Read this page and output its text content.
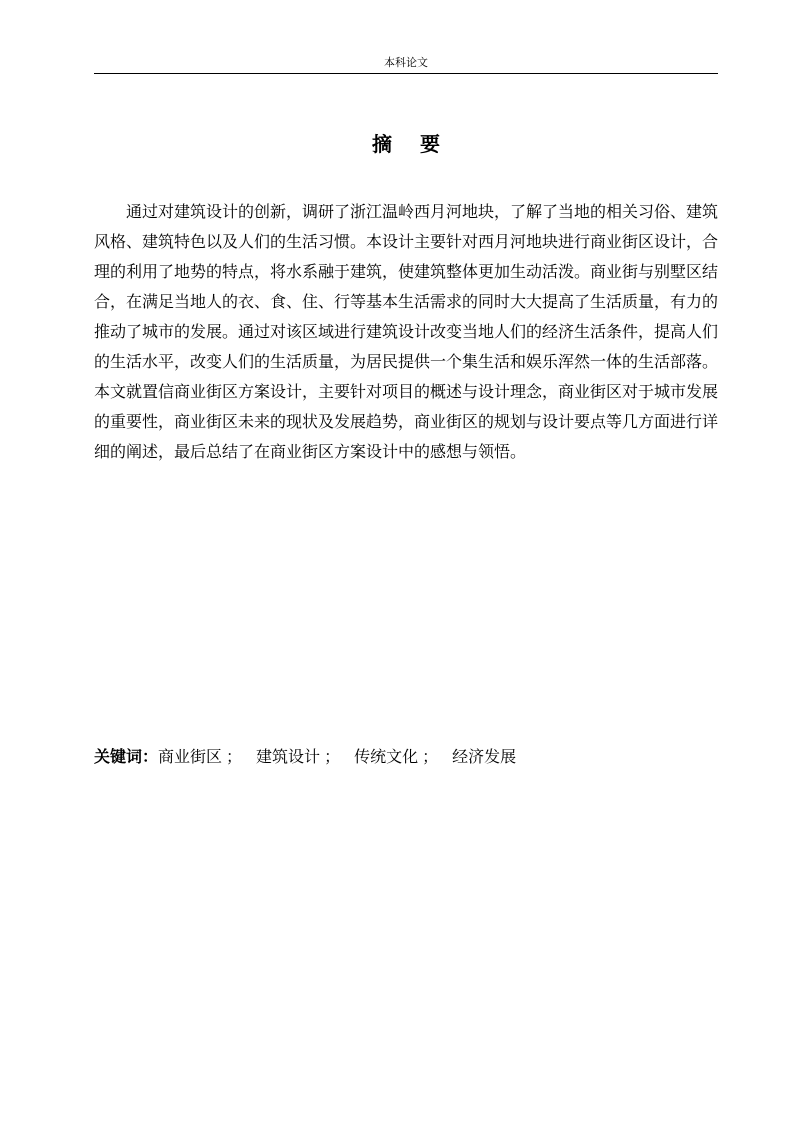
本科论文
摘要

通过对建筑设计的创新，调研了浙江温岭西月河地块，了解了当地的相关习俗、建筑风格、建筑特色以及人们的生活习惯。本设计主要针对西月河地块进行商业街区设计，合理的利用了地势的特点，将水系融于建筑，使建筑整体更加生动活泼。商业街与别墅区结合，在满足当地人的衣、食、住、行等基本生活需求的同时大大提高了生活质量，有力的推动了城市的发展。通过对该区域进行建筑设计改变当地人们的经济生活条件，提高人们的生活水平，改变人们的生活质量，为居民提供一个集生活和娱乐浑然一体的生活部落。本文就置信商业街区方案设计，主要针对项目的概述与设计理念，商业街区对于城市发展的重要性，商业街区未来的现状及发展趋势，商业街区的规划与设计要点等几方面进行详细的阐述，最后总结了在商业街区方案设计中的感想与领悟。

关键词：商业街区 ； 建筑设计 ； 传统文化 ； 经济发展
